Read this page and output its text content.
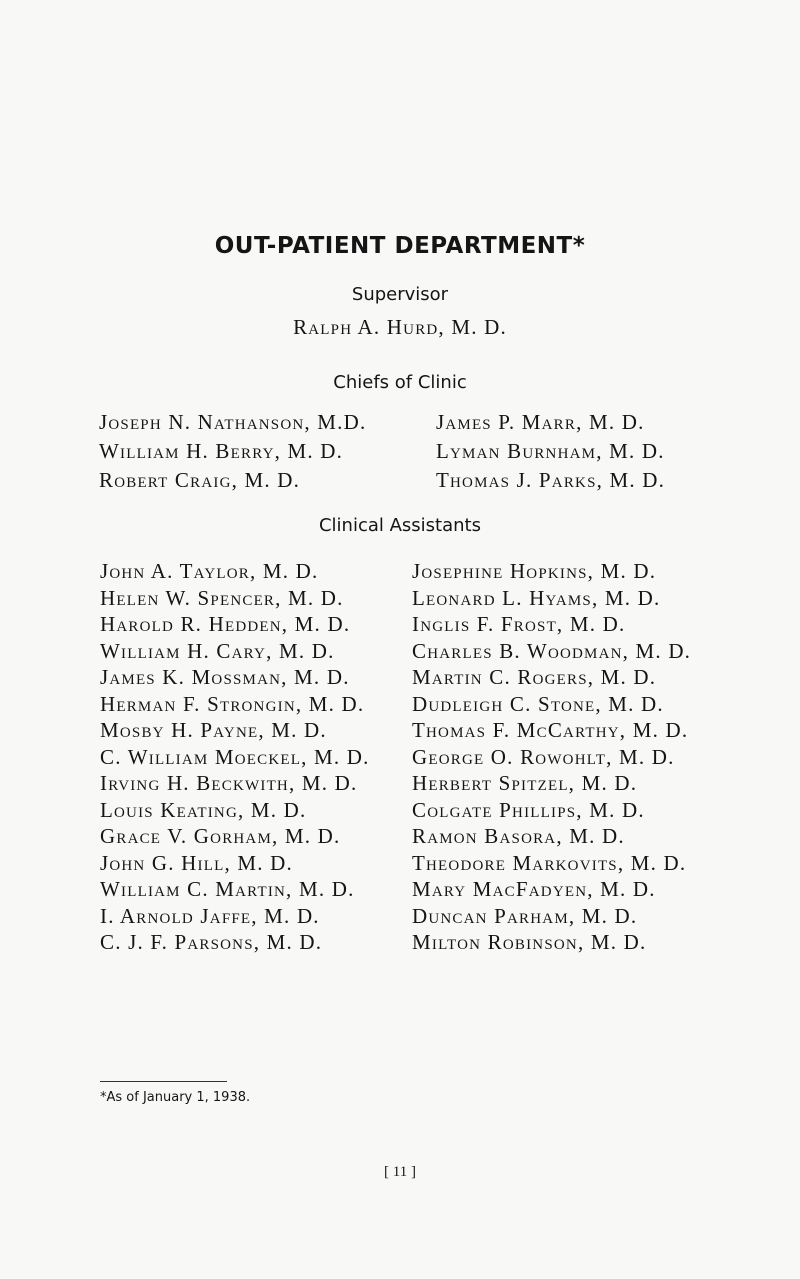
OUT-PATIENT DEPARTMENT*
Supervisor
Ralph A. Hurd, M. D.
Chiefs of Clinic
Joseph N. Nathanson, M.D.
William H. Berry, M. D.
Robert Craig, M. D.
James P. Marr, M. D.
Lyman Burnham, M. D.
Thomas J. Parks, M. D.
Clinical Assistants
John A. Taylor, M. D.
Helen W. Spencer, M. D.
Harold R. Hedden, M. D.
William H. Cary, M. D.
James K. Mossman, M. D.
Herman F. Strongin, M. D.
Mosby H. Payne, M. D.
C. William Moeckel, M. D.
Irving H. Beckwith, M. D.
Louis Keating, M. D.
Grace V. Gorham, M. D.
John G. Hill, M. D.
William C. Martin, M. D.
I. Arnold Jaffe, M. D.
C. J. F. Parsons, M. D.
Josephine Hopkins, M. D.
Leonard L. Hyams, M. D.
Inglis F. Frost, M. D.
Charles B. Woodman, M. D.
Martin C. Rogers, M. D.
Dudleigh C. Stone, M. D.
Thomas F. McCarthy, M. D.
George O. Rowohlt, M. D.
Herbert Spitzel, M. D.
Colgate Phillips, M. D.
Ramon Basora, M. D.
Theodore Markovits, M. D.
Mary MacFadyen, M. D.
Duncan Parham, M. D.
Milton Robinson, M. D.
*As of January 1, 1938.
[ 11 ]
